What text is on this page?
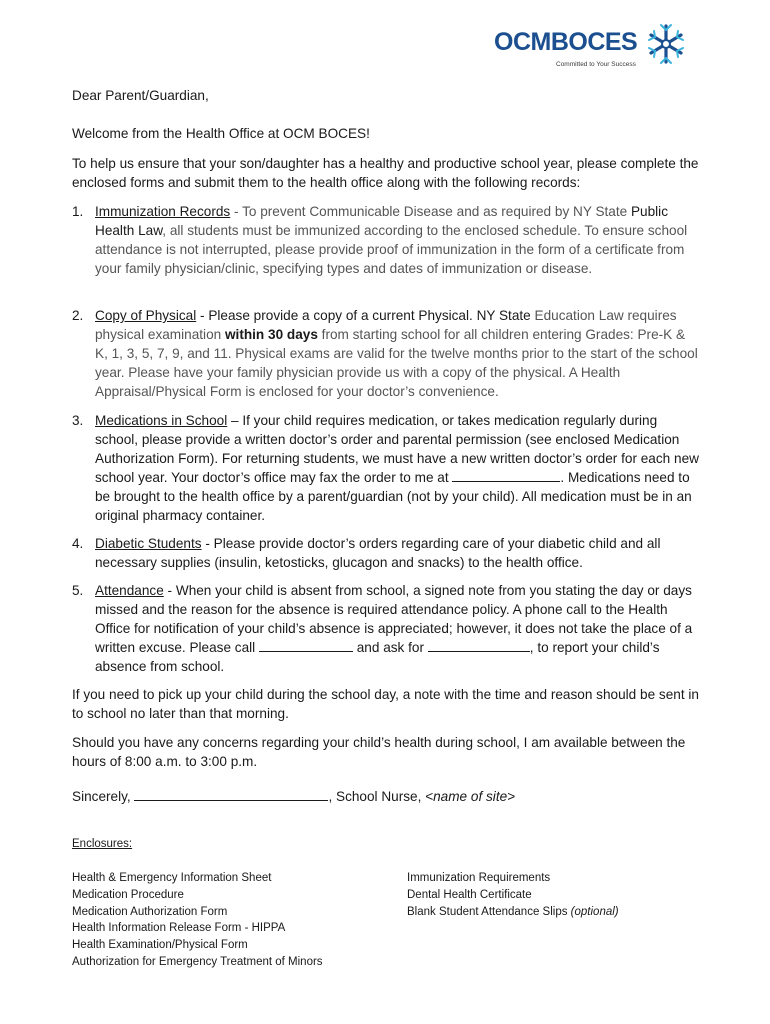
OCMBOCES
Committed to Your Success

Dear Parent/Guardian,

Welcome from the Health Office at OCM BOCES!

To help us ensure that your son/daughter has a healthy and productive school year, please complete the enclosed forms and submit them to the health office along with the following records:

1. Immunization Records - To prevent Communicable Disease and as required by NY State Public Health Law, all students must be immunized according to the enclosed schedule. To ensure school attendance is not interrupted, please provide proof of immunization in the form of a certificate from your family physician/clinic, specifying types and dates of immunization or disease.
2. Copy of Physical - Please provide a copy of a current Physical. NY State Education Law requires physical examination within 30 days from starting school for all children entering Grades: Pre-K & K, 1, 3, 5, 7, 9, and 11. Physical exams are valid for the twelve months prior to the start of the school year. Please have your family physician provide us with a copy of the physical. A Health Appraisal/Physical Form is enclosed for your doctor’s convenience.
3. Medications in School – If your child requires medication, or takes medication regularly during school, please provide a written doctor’s order and parental permission (see enclosed Medication Authorization Form). For returning students, we must have a new written doctor’s order for each new school year. Your doctor’s office may fax the order to me at	. Medications need to be brought to the health office by a parent/guardian (not by your child). All medication must be in an original pharmacy container.
4. Diabetic Students - Please provide doctor’s orders regarding care of your diabetic child and all necessary supplies (insulin, ketosticks, glucagon and snacks) to the health office.
5. Attendance - When your child is absent from school, a signed note from you stating the day or days missed and the reason for the absence is required attendance policy. A phone call to the Health Office for notification of your child’s absence is appreciated; however, it does not take the place of a written excuse. Please call	and ask for	, to report your child’s absence from school.

If you need to pick up your child during the school day, a note with the time and reason should be sent in to school no later than that morning.

Should you have any concerns regarding your child’s health during school, I am available between the hours of 8:00 a.m. to 3:00 p.m.

Sincerely,	, School Nurse, <name of site>

Enclosures:
Health & Emergency Information Sheet
Medication Procedure
Medication Authorization Form
Health Information Release Form - HIPPA
Health Examination/Physical Form
Authorization for Emergency Treatment of Minors
Immunization Requirements
Dental Health Certificate
Blank Student Attendance Slips (optional)
